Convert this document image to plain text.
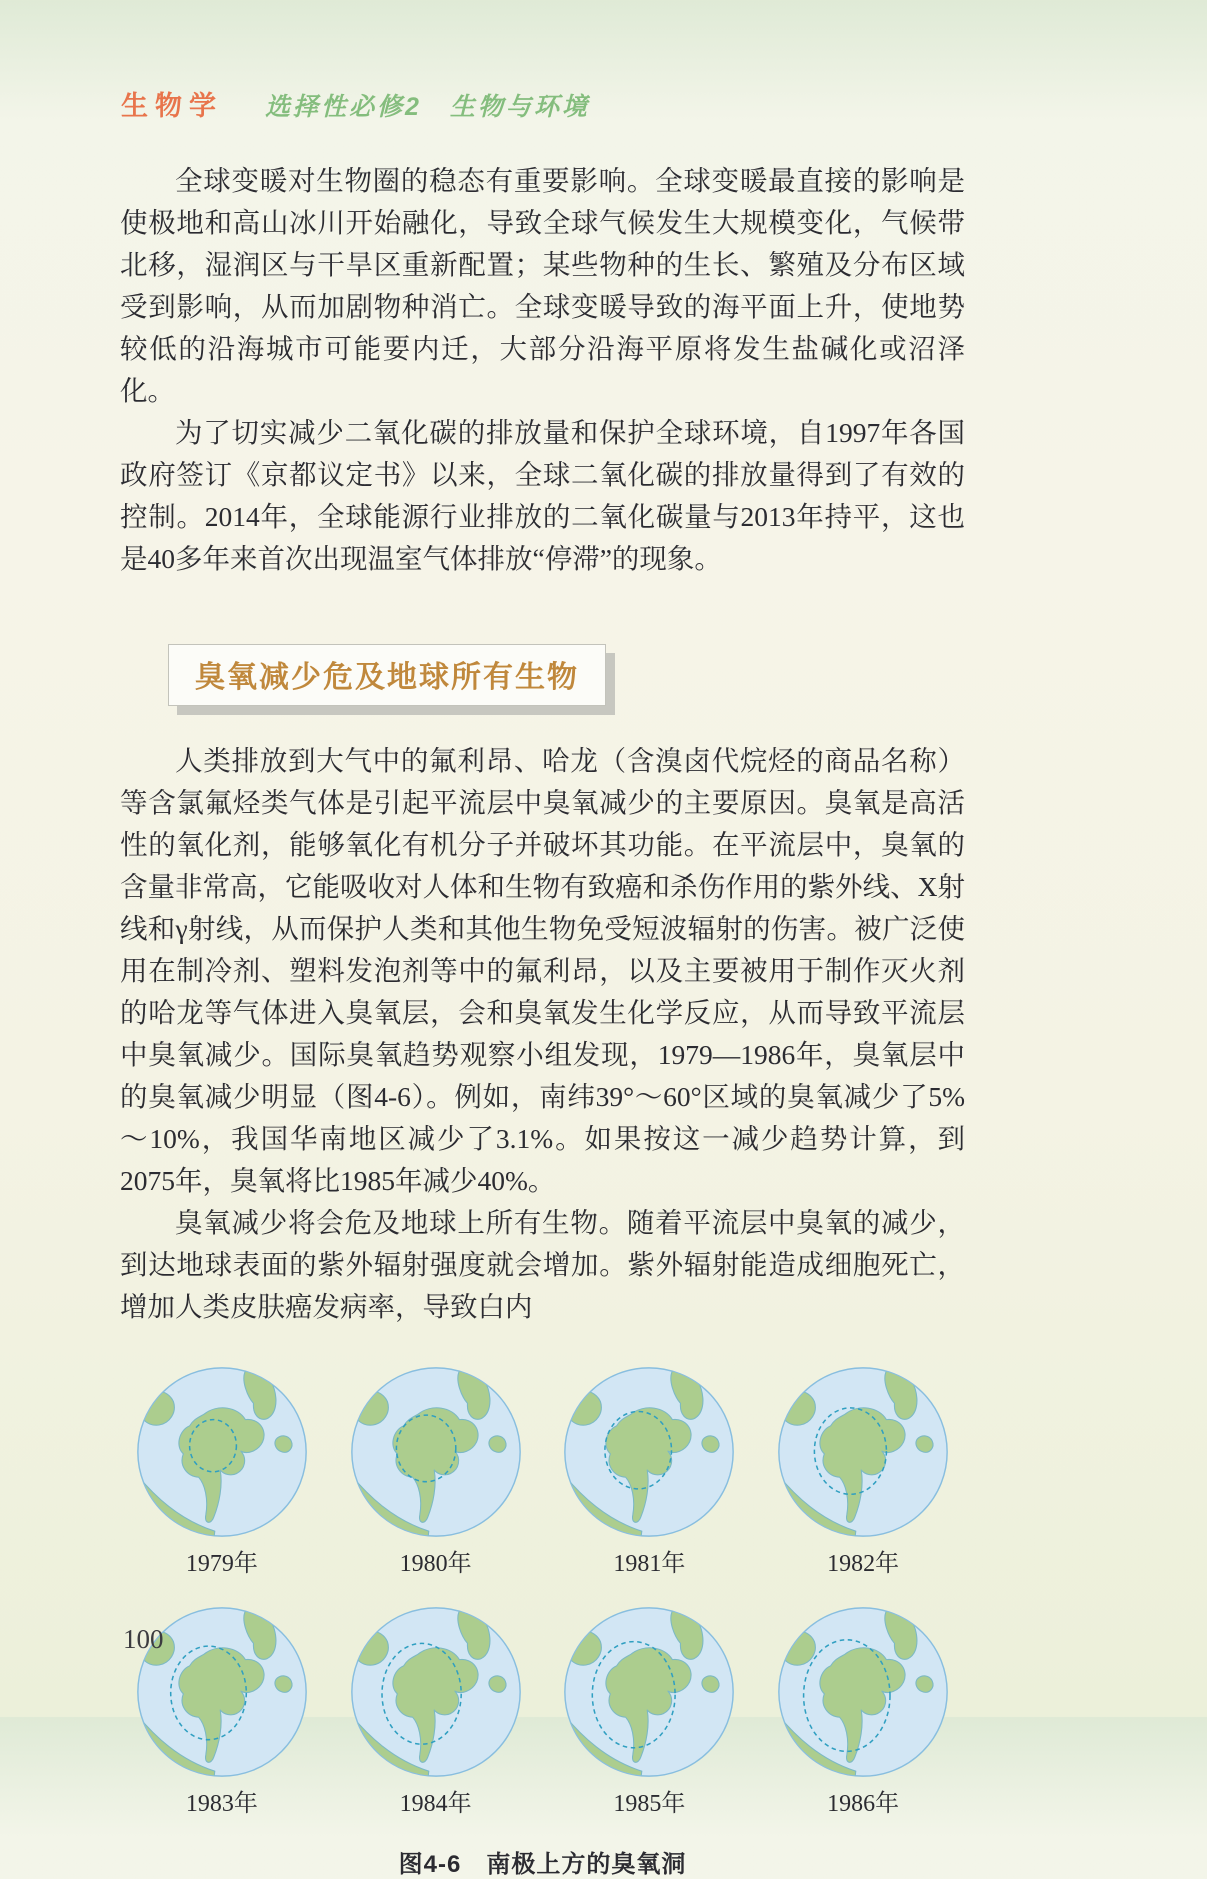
生物学 选择性必修2　生物与环境

全球变暖对生物圈的稳态有重要影响。全球变暖最直接的影响是使极地和高山冰川开始融化，导致全球气候发生大规模变化，气候带北移，湿润区与干旱区重新配置；某些物种的生长、繁殖及分布区域受到影响，从而加剧物种消亡。全球变暖导致的海平面上升，使地势较低的沿海城市可能要内迁，大部分沿海平原将发生盐碱化或沼泽化。

为了切实减少二氧化碳的排放量和保护全球环境，自1997年各国政府签订《京都议定书》以来，全球二氧化碳的排放量得到了有效的控制。2014年，全球能源行业排放的二氧化碳量与2013年持平，这也是40多年来首次出现温室气体排放“停滞”的现象。

臭氧减少危及地球所有生物

人类排放到大气中的氟利昂、哈龙（含溴卤代烷烃的商品名称）等含氯氟烃类气体是引起平流层中臭氧减少的主要原因。臭氧是高活性的氧化剂，能够氧化有机分子并破坏其功能。在平流层中，臭氧的含量非常高，它能吸收对人体和生物有致癌和杀伤作用的紫外线、X射线和γ射线，从而保护人类和其他生物免受短波辐射的伤害。被广泛使用在制冷剂、塑料发泡剂等中的氟利昂，以及主要被用于制作灭火剂的哈龙等气体进入臭氧层，会和臭氧发生化学反应，从而导致平流层中臭氧减少。国际臭氧趋势观察小组发现，1979—1986年，臭氧层中的臭氧减少明显（图4-6）。例如，南纬39°～60°区域的臭氧减少了5%～10%，我国华南地区减少了3.1%。如果按这一减少趋势计算，到2075年，臭氧将比1985年减少40%。

臭氧减少将会危及地球上所有生物。随着平流层中臭氧的减少，到达地球表面的紫外辐射强度就会增加。紫外辐射能造成细胞死亡，增加人类皮肤癌发病率，导致白内

1979年	1980年	1981年	1982年
1983年	1984年	1985年	1986年
图4-6　南极上方的臭氧洞
100
